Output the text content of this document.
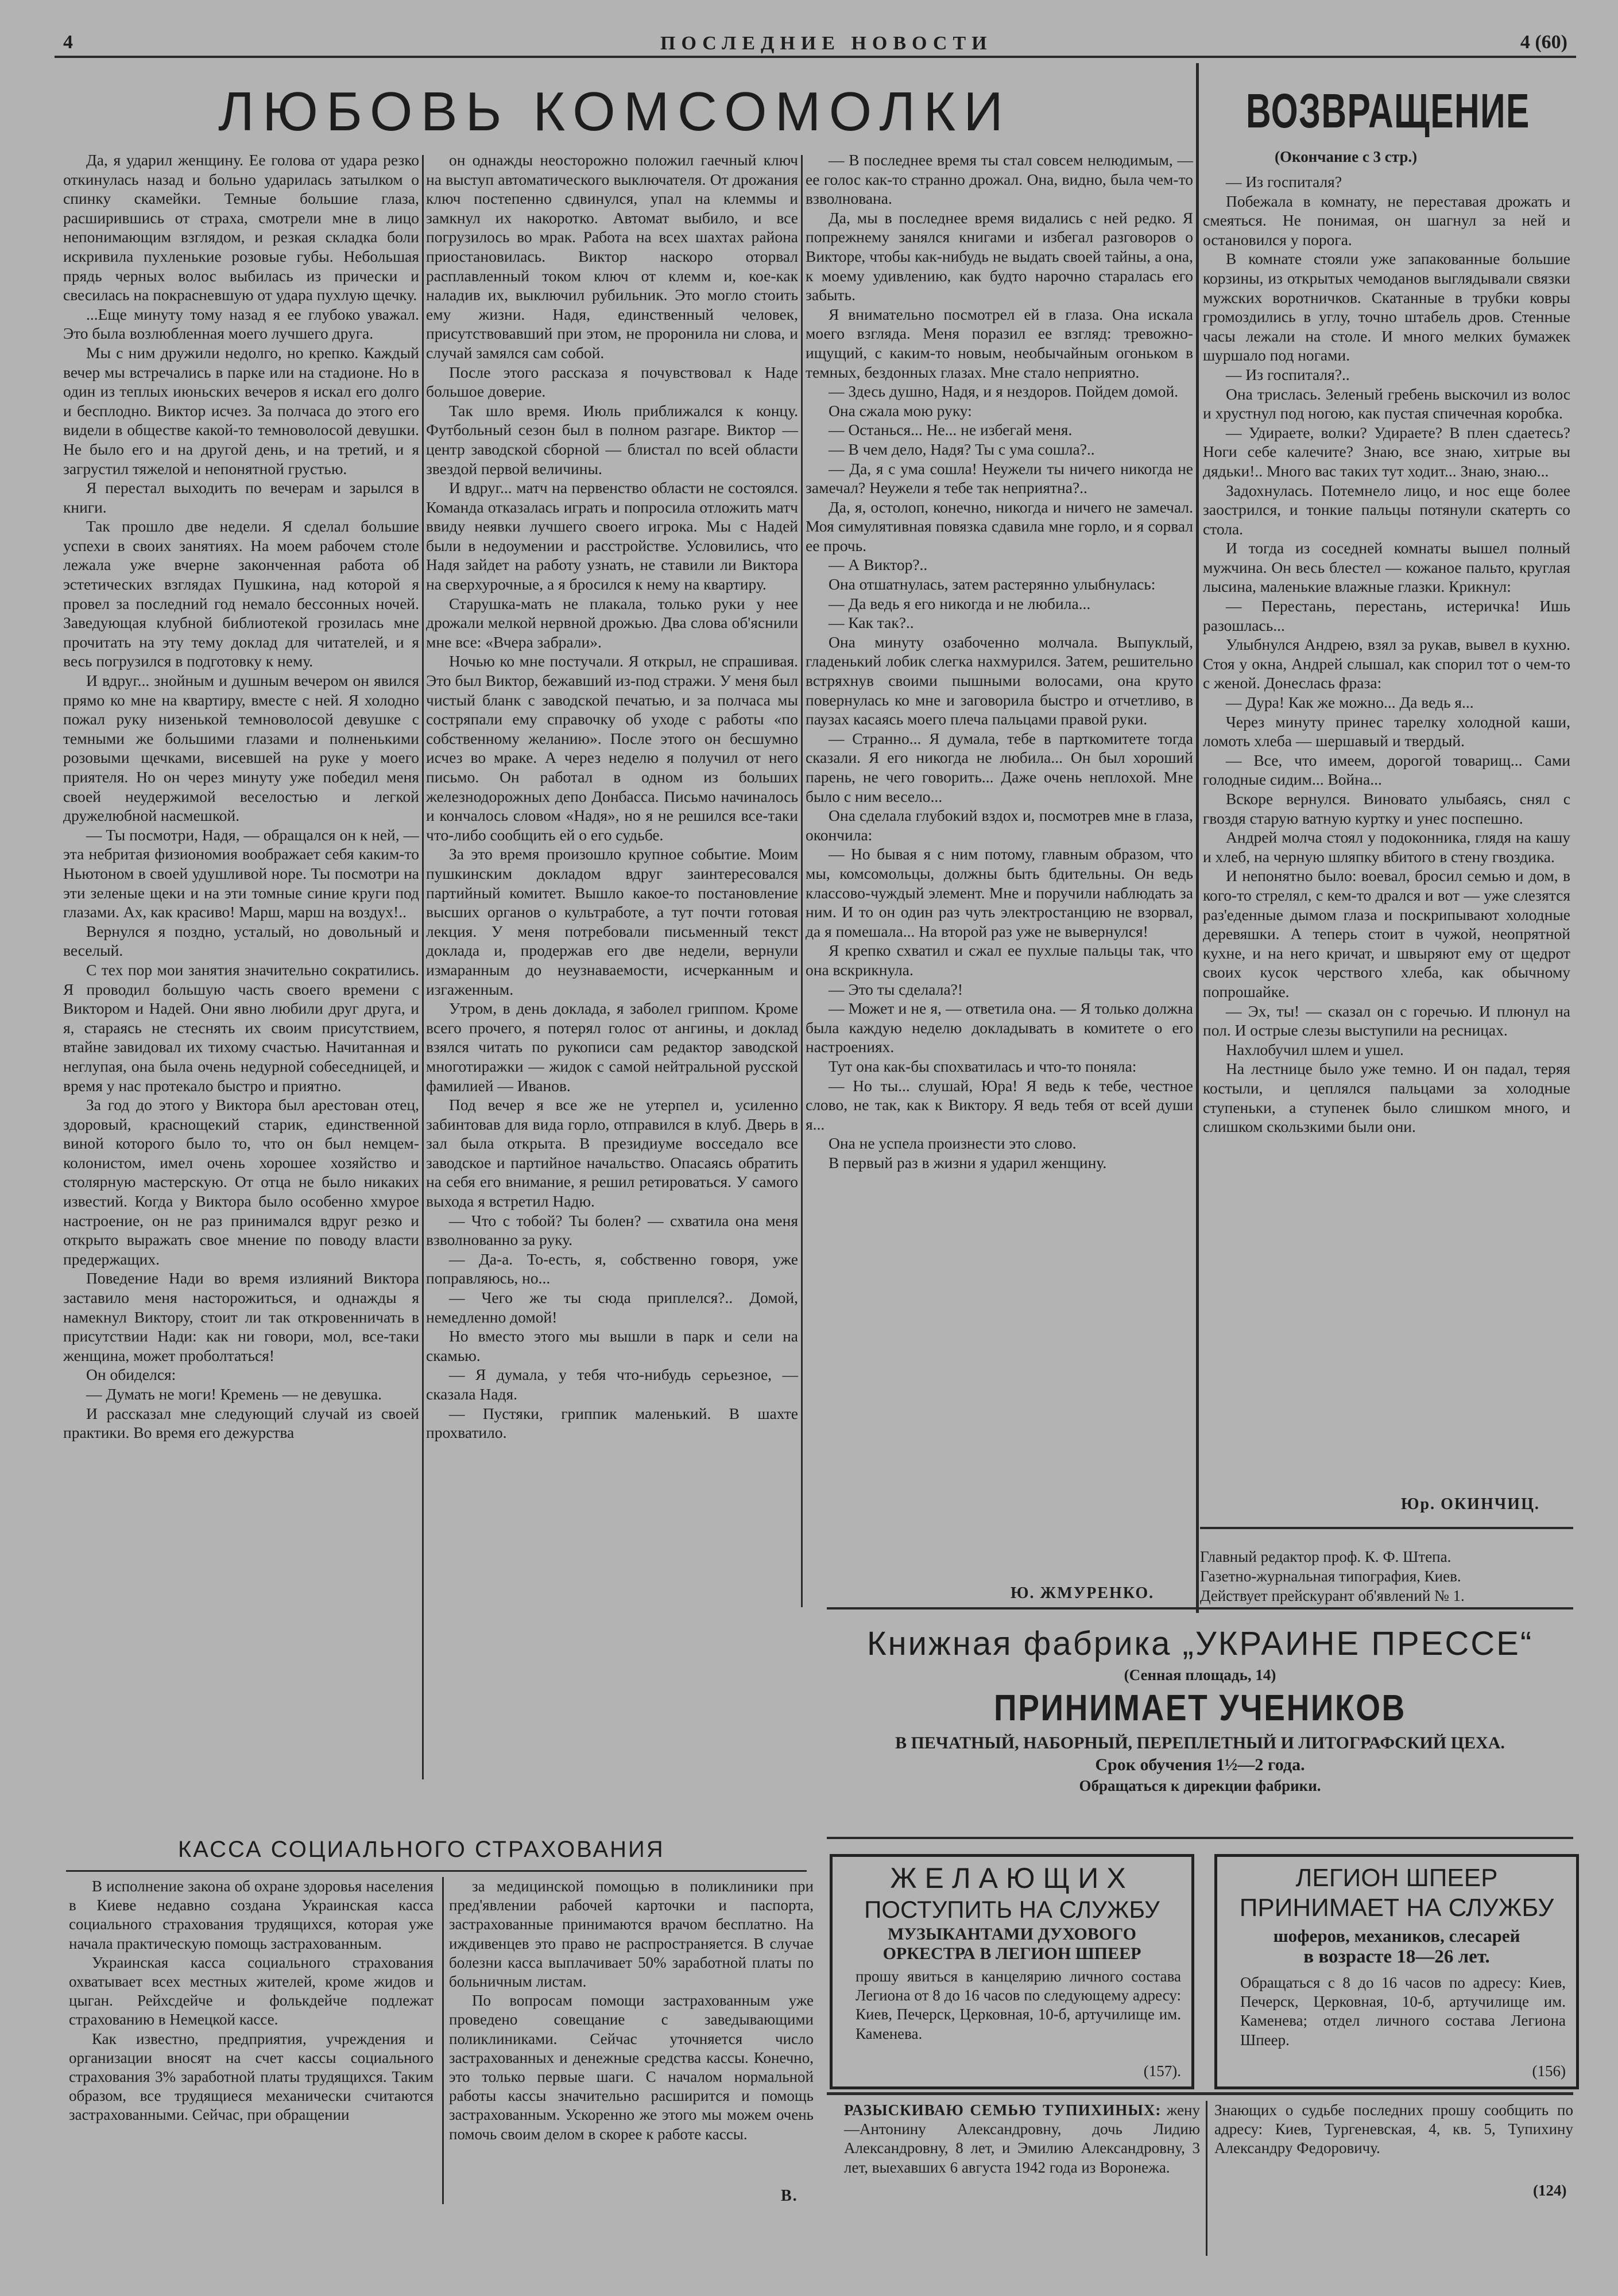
4	ПОСЛЕДНИЕ НОВОСТИ	4 (60)
ЛЮБОВЬ КОМСОМОЛКИ	ВОЗВРАЩЕНИЕ
(Окончание с 3 стр.)

Да, я ударил женщину. Ее голова от удара резко откинулась назад и больно ударилась затылком о спинку скамейки. Темные большие глаза, расширившись от страха, смотрели мне в лицо непонимающим взглядом, и резкая складка боли искривила пухленькие розовые губы. Небольшая прядь черных волос выбилась из прически и свесилась на покрасневшую от удара пухлую щечку.

...Еще минуту тому назад я ее глубоко уважал. Это была возлюбленная моего лучшего друга.

Мы с ним дружили недолго, но крепко. Каждый вечер мы встречались в парке или на стадионе. Но в один из теплых июньских вечеров я искал его долго и бесплодно. Виктор исчез. За полчаса до этого его видели в обществе какой-то темноволосой девушки. Не было его и на другой день, и на третий, и я загрустил тяжелой и непонятной грустью.

Я перестал выходить по вечерам и зарылся в книги.

Так прошло две недели. Я сделал большие успехи в своих занятиях. На моем рабочем столе лежала уже вчерне законченная работа об эстетических взглядах Пушкина, над которой я провел за последний год немало бессонных ночей. Заведующая клубной библиотекой грозилась мне прочитать на эту тему доклад для читателей, и я весь погрузился в подготовку к нему.

И вдруг... знойным и душным вечером он явился прямо ко мне на квартиру, вместе с ней. Я холодно пожал руку низенькой темноволосой девушке с темными же большими глазами и полненькими розовыми щечками, висевшей на руке у моего приятеля. Но он через минуту уже победил меня своей неудержимой веселостью и легкой дружелюбной насмешкой.

— Ты посмотри, Надя, — обращался он к ней, — эта небритая физиономия воображает себя каким-то Ньютоном в своей удушливой норе. Ты посмотри на эти зеленые щеки и на эти томные синие круги под глазами. Ах, как красиво! Марш, марш на воздух!..

Вернулся я поздно, усталый, но довольный и веселый.

С тех пор мои занятия значительно сократились. Я проводил большую часть своего времени с Виктором и Надей. Они явно любили друг друга, и я, стараясь не стеснять их своим присутствием, втайне завидовал их тихому счастью. Начитанная и неглупая, она была очень недурной собеседницей, и время у нас протекало быстро и приятно.

За год до этого у Виктора был арестован отец, здоровый, краснощекий старик, единственной виной которого было то, что он был немцем-колонистом, имел очень хорошее хозяйство и столярную мастерскую. От отца не было никаких известий. Когда у Виктора было особенно хмурое настроение, он не раз принимался вдруг резко и открыто выражать свое мнение по поводу власти предержащих.

Поведение Нади во время излияний Виктора заставило меня насторожиться, и однажды я намекнул Виктору, стоит ли так откровенничать в присутствии Нади: как ни говори, мол, все-таки женщина, может проболтаться!

Он обиделся:

— Думать не моги! Кремень — не девушка.

И рассказал мне следующий случай из своей практики. Во время его дежурства

он однажды неосторожно положил гаечный ключ на выступ автоматического выключателя. От дрожания ключ постепенно сдвинулся, упал на клеммы и замкнул их накоротко. Автомат выбило, и все погрузилось во мрак. Работа на всех шахтах района приостановилась. Виктор наскоро оторвал расплавленный током ключ от клемм и, кое-как наладив их, выключил рубильник. Это могло стоить ему жизни. Надя, единственный человек, присутствовавший при этом, не проронила ни слова, и случай замялся сам собой.

После этого рассказа я почувствовал к Наде большое доверие.

Так шло время. Июль приближался к концу. Футбольный сезон был в полном разгаре. Виктор — центр заводской сборной — блистал по всей области звездой первой величины.

И вдруг... матч на первенство области не состоялся. Команда отказалась играть и попросила отложить матч ввиду неявки лучшего своего игрока. Мы с Надей были в недоумении и расстройстве. Условились, что Надя зайдет на работу узнать, не ставили ли Виктора на сверхурочные, а я бросился к нему на квартиру.

Старушка-мать не плакала, только руки у нее дрожали мелкой нервной дрожью. Два слова об'яснили мне все: «Вчера забрали».

Ночью ко мне постучали. Я открыл, не спрашивая. Это был Виктор, бежавший из-под стражи. У меня был чистый бланк с заводской печатью, и за полчаса мы состряпали ему справочку об уходе с работы «по собственному желанию». После этого он бесшумно исчез во мраке. А через неделю я получил от него письмо. Он работал в одном из больших железнодорожных депо Донбасса. Письмо начиналось и кончалось словом «Надя», но я не решился все-таки что-либо сообщить ей о его судьбе.

За это время произошло крупное событие. Моим пушкинским докладом вдруг заинтересовался партийный комитет. Вышло какое-то постановление высших органов о культработе, а тут почти готовая лекция. У меня потребовали письменный текст доклада и, продержав его две недели, вернули измаранным до неузнаваемости, исчерканным и изгаженным.

Утром, в день доклада, я заболел гриппом. Кроме всего прочего, я потерял голос от ангины, и доклад взялся читать по рукописи сам редактор заводской многотиражки — жидок с самой нейтральной русской фамилией — Иванов.

Под вечер я все же не утерпел и, усиленно забинтовав для вида горло, отправился в клуб. Дверь в зал была открыта. В президиуме восседало все заводское и партийное начальство. Опасаясь обратить на себя его внимание, я решил ретироваться. У самого выхода я встретил Надю.

— Что с тобой? Ты болен? — схватила она меня взволнованно за руку.

— Да-а. То-есть, я, собственно говоря, уже поправляюсь, но...

— Чего же ты сюда приплелся?.. Домой, немедленно домой!

Но вместо этого мы вышли в парк и сели на скамью.

— Я думала, у тебя что-нибудь серьезное, — сказала Надя.

— Пустяки, гриппик маленький. В шахте прохватило.

— В последнее время ты стал совсем нелюдимым, — ее голос как-то странно дрожал. Она, видно, была чем-то взволнована.

Да, мы в последнее время видались с ней редко. Я попрежнему занялся книгами и избегал разговоров о Викторе, чтобы как-нибудь не выдать своей тайны, а она, к моему удивлению, как будто нарочно старалась его забыть.

Я внимательно посмотрел ей в глаза. Она искала моего взгляда. Меня поразил ее взгляд: тревожно-ищущий, с каким-то новым, необычайным огоньком в темных, бездонных глазах. Мне стало неприятно.

— Здесь душно, Надя, и я нездоров. Пойдем домой.

Она сжала мою руку:

— Останься... Не... не избегай меня.

— В чем дело, Надя? Ты с ума сошла?..

— Да, я с ума сошла! Неужели ты ничего никогда не замечал? Неужели я тебе так неприятна?..

Да, я, остолоп, конечно, никогда и ничего не замечал. Моя симулятивная повязка сдавила мне горло, и я сорвал ее прочь.

— А Виктор?..

Она отшатнулась, затем растерянно улыбнулась:

— Да ведь я его никогда и не любила...

— Как так?..

Она минуту озабоченно молчала. Выпуклый, гладенький лобик слегка нахмурился. Затем, решительно встряхнув своими пышными волосами, она круто повернулась ко мне и заговорила быстро и отчетливо, в паузах касаясь моего плеча пальцами правой руки.

— Странно... Я думала, тебе в парткомитете тогда сказали. Я его никогда не любила... Он был хороший парень, не чего говорить... Даже очень неплохой. Мне было с ним весело...

Она сделала глубокий вздох и, посмотрев мне в глаза, окончила:

— Но бывая я с ним потому, главным образом, что мы, комсомольцы, должны быть бдительны. Он ведь классово-чуждый элемент. Мне и поручили наблюдать за ним. И то он один раз чуть электростанцию не взорвал, да я помешала... На второй раз уже не вывернулся!

Я крепко схватил и сжал ее пухлые пальцы так, что она вскрикнула.

— Это ты сделала?!

— Может и не я, — ответила она. — Я только должна была каждую неделю докладывать в комитете о его настроениях.

Тут она как-бы спохватилась и что-то поняла:

— Но ты... слушай, Юра! Я ведь к тебе, честное слово, не так, как к Виктору. Я ведь тебя от всей души я...

Она не успела произнести это слово.

В первый раз в жизни я ударил женщину.

Ю. ЖМУРЕНКО.

— Из госпиталя?

Побежала в комнату, не переставая дрожать и смеяться. Не понимая, он шагнул за ней и остановился у порога.

В комнате стояли уже запакованные большие корзины, из открытых чемоданов выглядывали связки мужских воротничков. Скатанные в трубки ковры громоздились в углу, точно штабель дров. Стенные часы лежали на столе. И много мелких бумажек шуршало под ногами.

— Из госпиталя?..

Она трислась. Зеленый гребень выскочил из волос и хрустнул под ногою, как пустая спичечная коробка.

— Удираете, волки? Удираете? В плен сдаетесь? Ноги себе калечите? Знаю, все знаю, хитрые вы дядьки!.. Много вас таких тут ходит... Знаю, знаю...

Задохнулась. Потемнело лицо, и нос еще более заострился, и тонкие пальцы потянули скатерть со стола.

И тогда из соседней комнаты вышел полный мужчина. Он весь блестел — кожаное пальто, круглая лысина, маленькие влажные глазки. Крикнул:

— Перестань, перестань, истеричка! Ишь разошлась...

Улыбнулся Андрею, взял за рукав, вывел в кухню. Стоя у окна, Андрей слышал, как спорил тот о чем-то с женой. Донеслась фраза:

— Дура! Как же можно... Да ведь я...

Через минуту принес тарелку холодной каши, ломоть хлеба — шершавый и твердый.

— Все, что имеем, дорогой товарищ... Сами голодные сидим... Война...

Вскоре вернулся. Виновато улыбаясь, снял с гвоздя старую ватную куртку и унес поспешно.

Андрей молча стоял у подоконника, глядя на кашу и хлеб, на черную шляпку вбитого в стену гвоздика.

И непонятно было: воевал, бросил семью и дом, в кого-то стрелял, с кем-то дрался и вот — уже слезятся раз'еденные дымом глаза и поскрипывают холодные деревяшки. А теперь стоит в чужой, неопрятной кухне, и на него кричат, и швыряют ему от щедрот своих кусок черствого хлеба, как обычному попрошайке.

— Эх, ты! — сказал он с горечью. И плюнул на пол. И острые слезы выступили на ресницах.

Нахлобучил шлем и ушел.

На лестнице было уже темно. И он падал, теряя костыли, и цеплялся пальцами за холодные ступеньки, а ступенек было слишком много, и слишком скользкими были они.

Юр. ОКИНЧИЦ.
Главный редактор проф. К. Ф. Штепа.
Газетно-журнальная типография, Киев.
Действует прейскурант об'явлений № 1.
Книжная фабрика „УКРАИНЕ ПРЕССЕ“
(Сенная площадь, 14)
ПРИНИМАЕТ УЧЕНИКОВ
В ПЕЧАТНЫЙ, НАБОРНЫЙ, ПЕРЕПЛЕТНЫЙ И ЛИТОГРАФСКИЙ ЦЕХА.
Срок обучения 1½—2 года.
Обращаться к дирекции фабрики.
ЖЕЛАЮЩИХ
ПОСТУПИТЬ НА СЛУЖБУ
МУЗЫКАНТАМИ ДУХОВОГО
ОРКЕСТРА В ЛЕГИОН ШПЕЕР
прошу явиться в канцелярию личного состава Легиона от 8 до 16 часов по следующему адресу: Киев, Печерск, Церковная, 10-б, артучилище им. Каменева.
(157).
ЛЕГИОН ШПЕЕР
ПРИНИМАЕТ НА СЛУЖБУ
шоферов, механиков, слесарей
в возрасте 18—26 лет.
Обращаться с 8 до 16 часов по адресу: Киев, Печерск, Церковная, 10-б, артучилище им. Каменева; отдел личного состава Легиона Шпеер.
(156)
РАЗЫСКИВАЮ СЕМЬЮ ТУПИХИНЫХ: жену—Антонину Александровну, дочь Лидию Александровну, 8 лет, и Эмилию Александровну, 3 лет, выехавших 6 августа 1942 года из Воронежа.
Знающих о судьбе последних прошу сообщить по адресу: Киев, Тургеневская, 4, кв. 5, Тупихину Александру Федоровичу.
(124)
КАССА СОЦИАЛЬНОГО СТРАХОВАНИЯ

В исполнение закона об охране здоровья населения в Киеве недавно создана Украинская касса социального страхования трудящихся, которая уже начала практическую помощь застрахованным.

Украинская касса социального страхования охватывает всех местных жителей, кроме жидов и цыган. Рейхсдейче и фолькдейче подлежат страхованию в Немецкой кассе.

Как известно, предприятия, учреждения и организации вносят на счет кассы социального страхования 3% заработной платы трудящихся. Таким образом, все трудящиеся механически считаются застрахованными. Сейчас, при обращении

за медицинской помощью в поликлиники при пред'явлении рабочей карточки и паспорта, застрахованные принимаются врачом бесплатно. На иждивенцев это право не распространяется. В случае болезни касса выплачивает 50% заработной платы по больничным листам.

По вопросам помощи застрахованным уже проведено совещание с заведывающими поликлиниками. Сейчас уточняется число застрахованных и денежные средства кассы. Конечно, это только первые шаги. С началом нормальной работы кассы значительно расширится и помощь застрахованным. Ускоренно же этого мы можем очень помочь своим делом в скорее к работе кассы.

В.
